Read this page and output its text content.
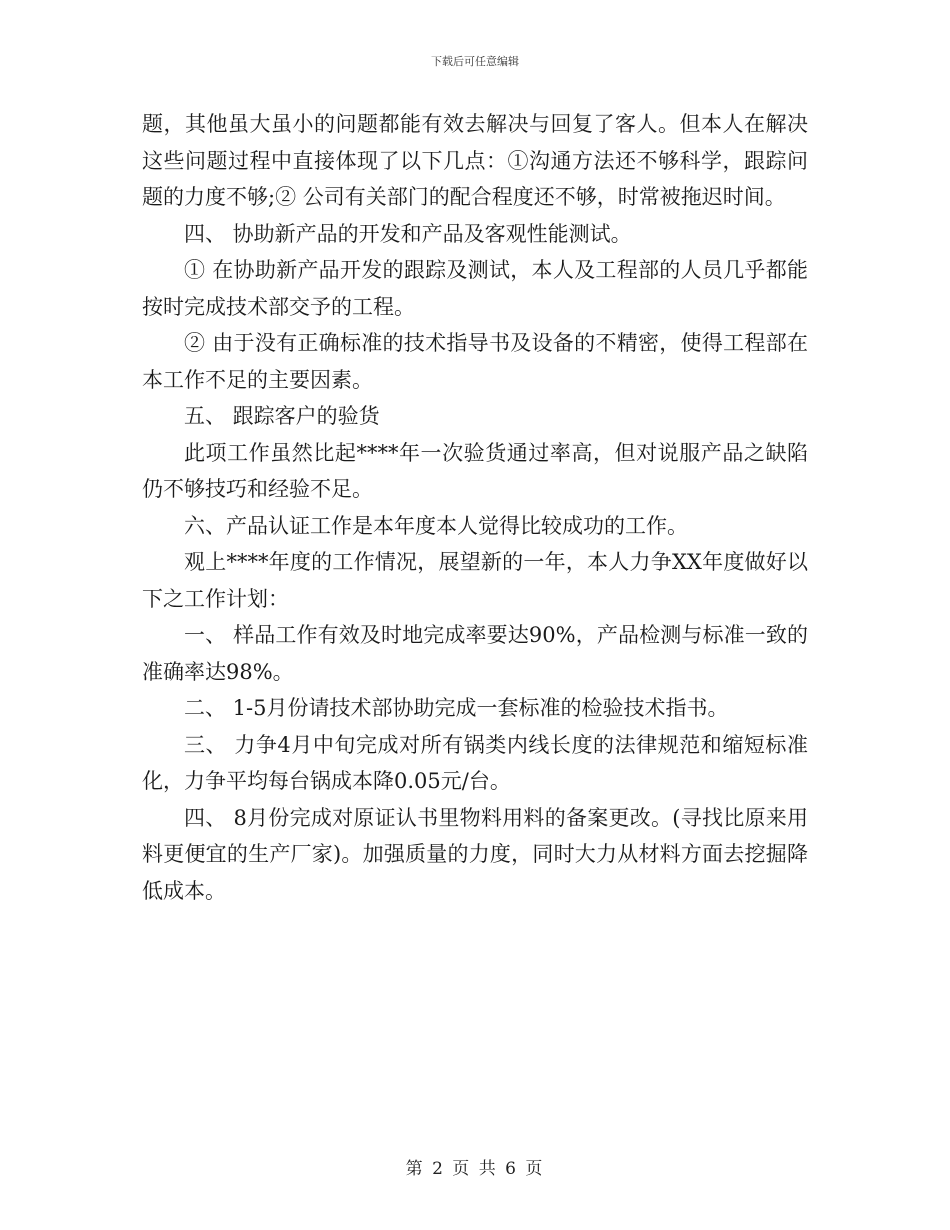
下载后可任意编辑

题，其他虽大虽小的问题都能有效去解决与回复了客人。但本人在解决这些问题过程中直接体现了以下几点：①沟通方法还不够科学，跟踪问题的力度不够;② 公司有关部门的配合程度还不够，时常被拖迟时间。

四、 协助新产品的开发和产品及客观性能测试。

① 在协助新产品开发的跟踪及测试，本人及工程部的人员几乎都能按时完成技术部交予的工程。

② 由于没有正确标准的技术指导书及设备的不精密，使得工程部在本工作不足的主要因素。

五、 跟踪客户的验货

此项工作虽然比起****年一次验货通过率高，但对说服产品之缺陷仍不够技巧和经验不足。

六、产品认证工作是本年度本人觉得比较成功的工作。

观上****年度的工作情况，展望新的一年，本人力争XX年度做好以下之工作计划：

一、 样品工作有效及时地完成率要达90%，产品检测与标准一致的准确率达98%。

二、 1-5月份请技术部协助完成一套标准的检验技术指书。

三、 力争4月中旬完成对所有锅类内线长度的法律规范和缩短标准化，力争平均每台锅成本降0.05元/台。

四、 8月份完成对原证认书里物料用料的备案更改。(寻找比原来用料更便宜的生产厂家)。加强质量的力度，同时大力从材料方面去挖掘降低成本。

第 2 页 共 6 页
